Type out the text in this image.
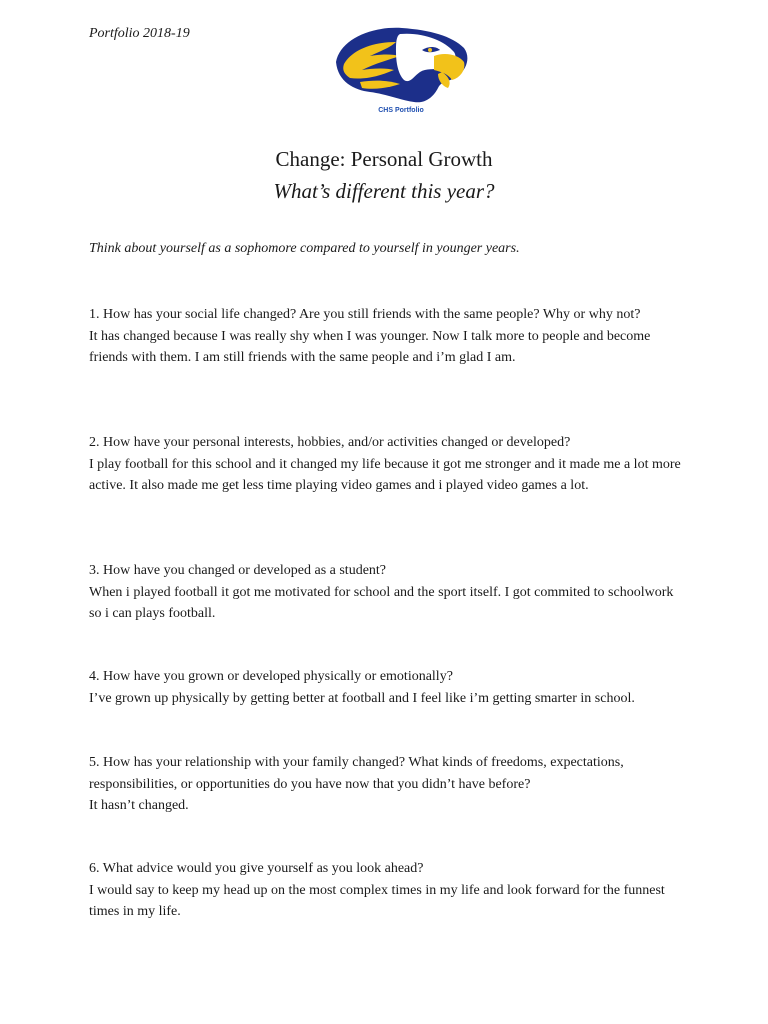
Portfolio 2018-19
CHS Portfolio
Change: Personal Growth
What’s different this year?
Think about yourself as a sophomore compared to yourself in younger years.
1. How has your social life changed? Are you still friends with the same people? Why or why not?
It has changed because I was really shy when I was younger. Now I talk more to people and become friends with them. I am still friends with the same people and i’m glad I am.
2. How have your personal interests, hobbies, and/or activities changed or developed?
I play football for this school and it changed my life because it got me stronger and it made me a lot more active. It also made me get less time playing video games and i played video games a lot.
3. How have you changed or developed as a student?
When i played football it got me motivated for school and the sport itself. I got commited to schoolwork so i can plays football.
4. How have you grown or developed physically or emotionally?
I’ve grown up physically by getting better at football and I feel like i’m getting smarter in school.
5. How has your relationship with your family changed? What kinds of freedoms, expectations, responsibilities, or opportunities do you have now that you didn’t have before?
It hasn’t changed.
6. What advice would you give yourself as you look ahead?
I would say to keep my head up on the most complex times in my life and look forward for the funnest times in my life.
